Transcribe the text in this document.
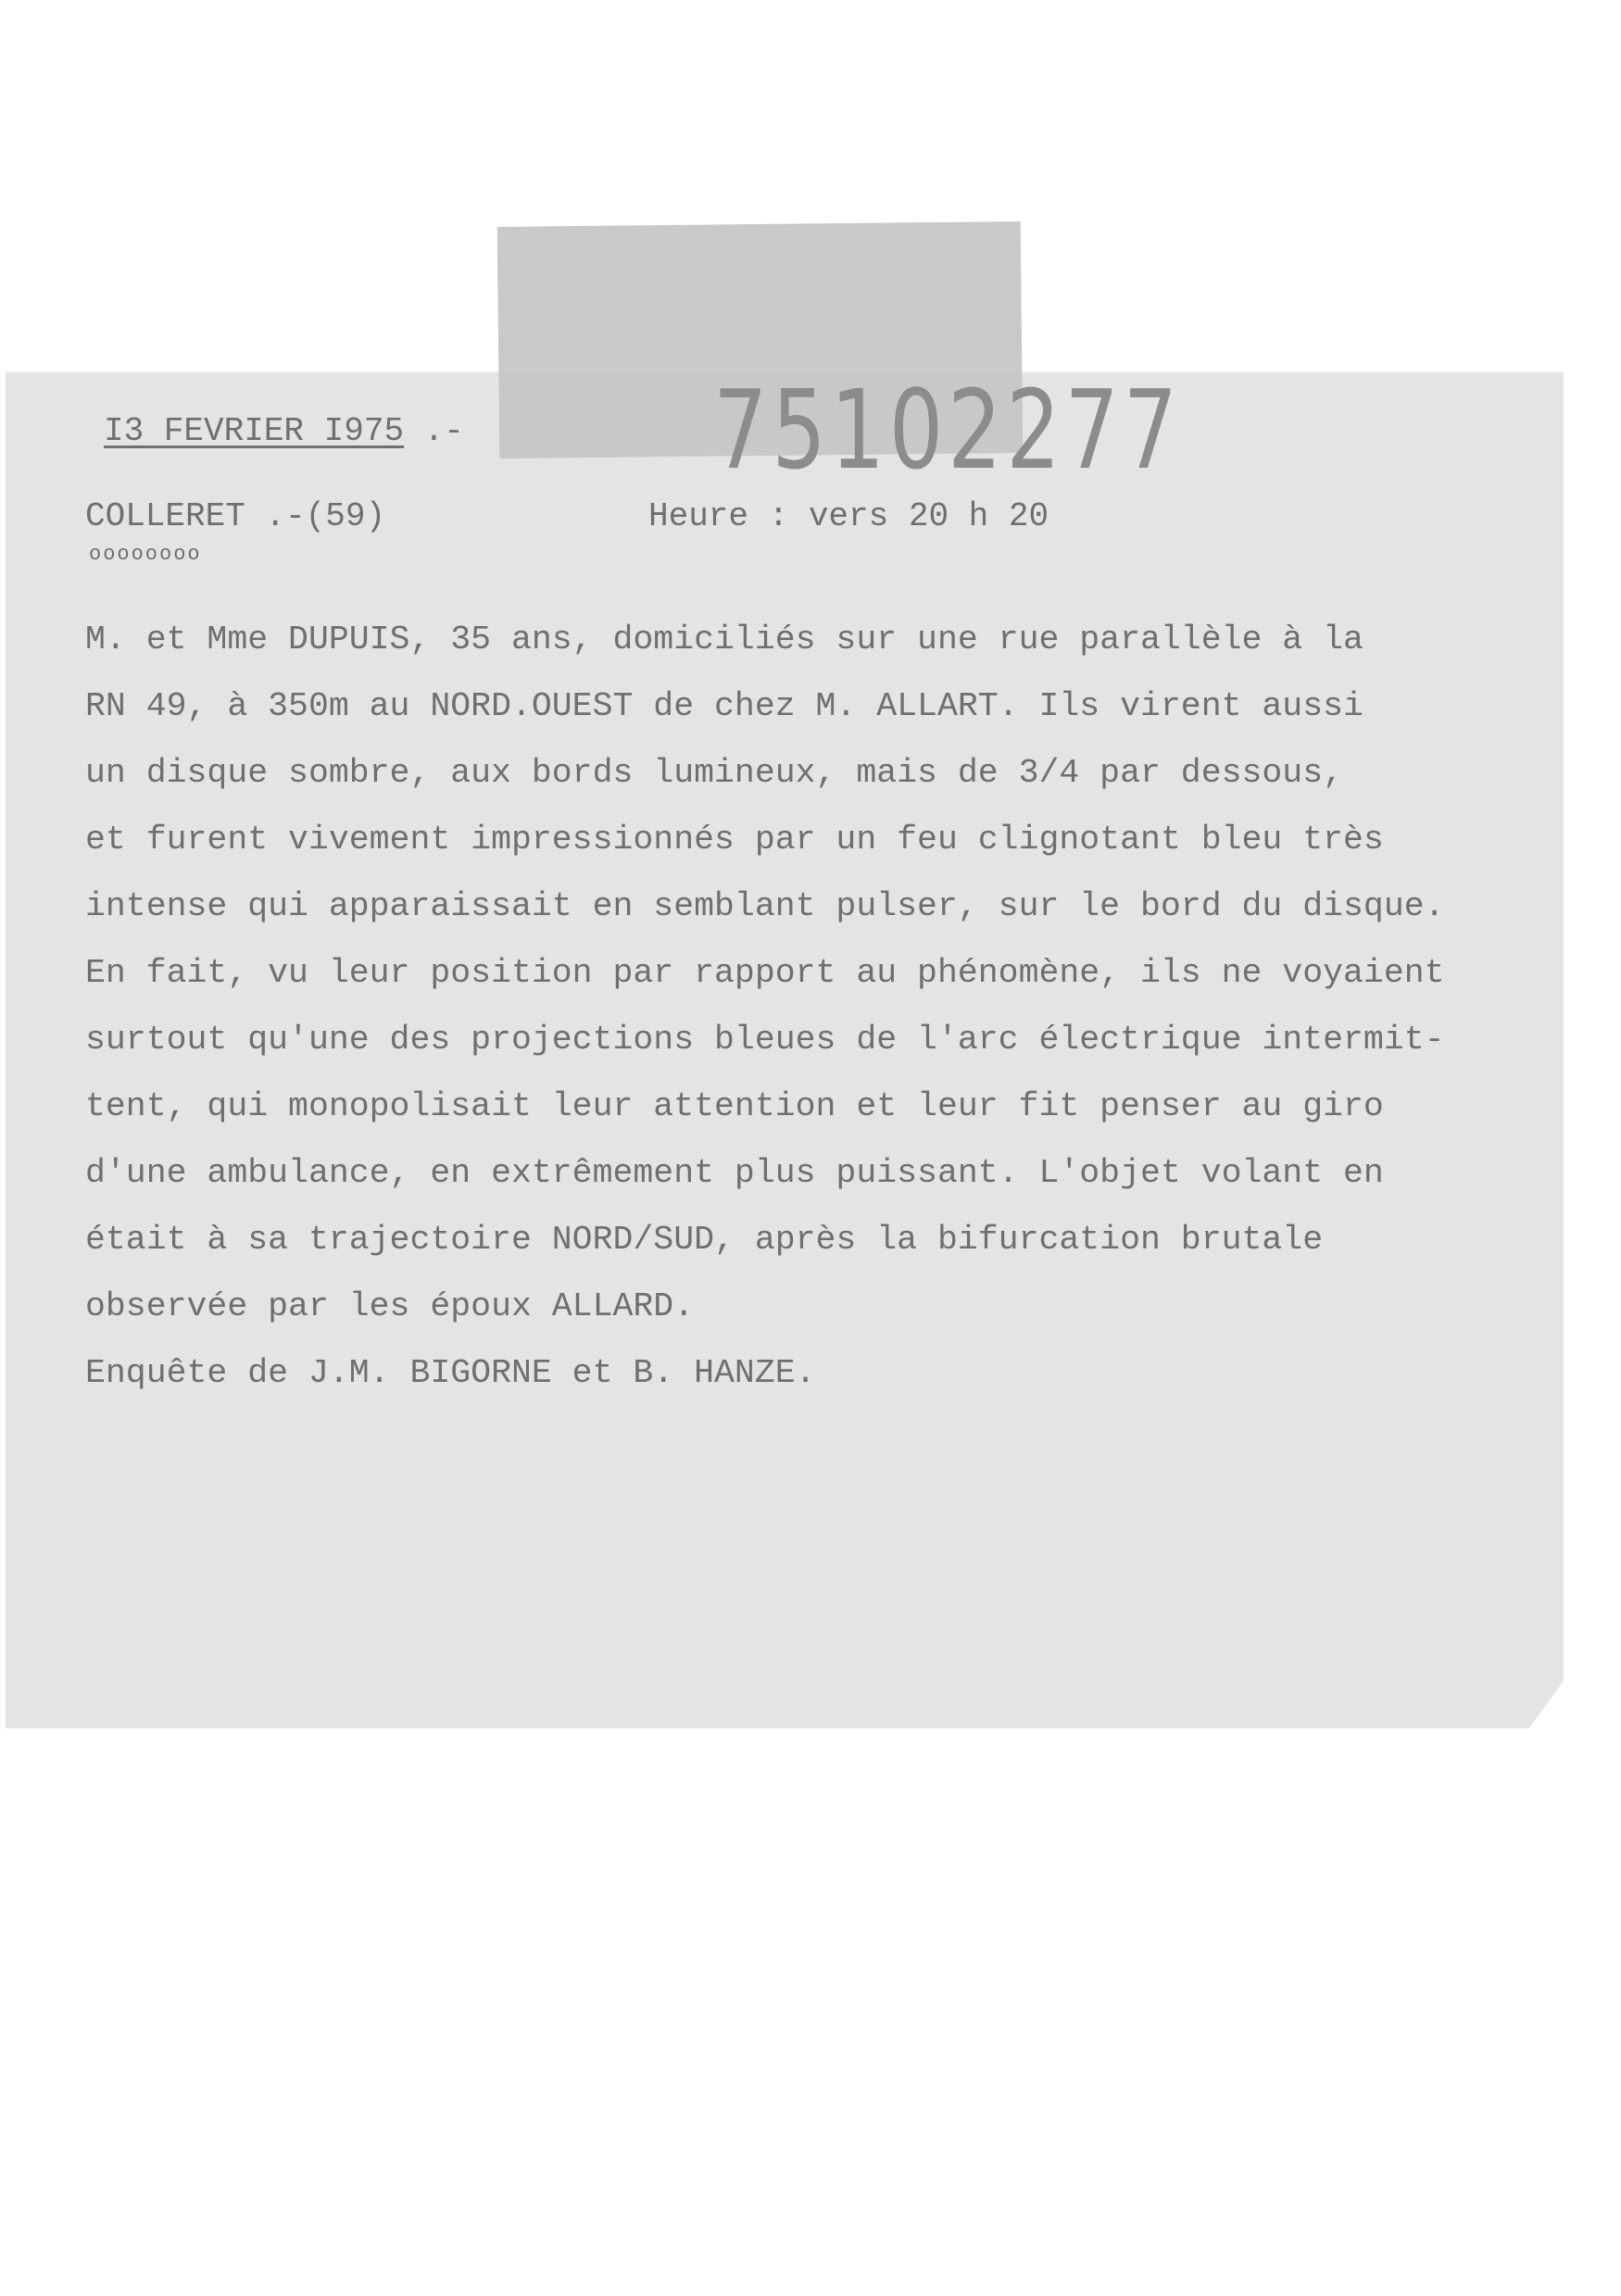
75102277
I3 FEVRIER I975 .-
COLLERET .-(59)	Heure : vers 20 h 20
oooooooo
M. et Mme DUPUIS, 35 ans, domiciliés sur une rue parallèle à la
RN 49, à 350m au NORD.OUEST de chez M. ALLART. Ils virent aussi
un disque sombre, aux bords lumineux, mais de 3/4 par dessous,
et furent vivement impressionnés par un feu clignotant bleu très
intense qui apparaissait en semblant pulser, sur le bord du disque.
En fait, vu leur position par rapport au phénomène, ils ne voyaient
surtout qu'une des projections bleues de l'arc électrique intermit-
tent, qui monopolisait leur attention et leur fit penser au giro
d'une ambulance, en extrêmement plus puissant. L'objet volant en
était à sa trajectoire NORD/SUD, après la bifurcation brutale
observée par les époux ALLARD.
Enquête de J.M. BIGORNE et B. HANZE.
